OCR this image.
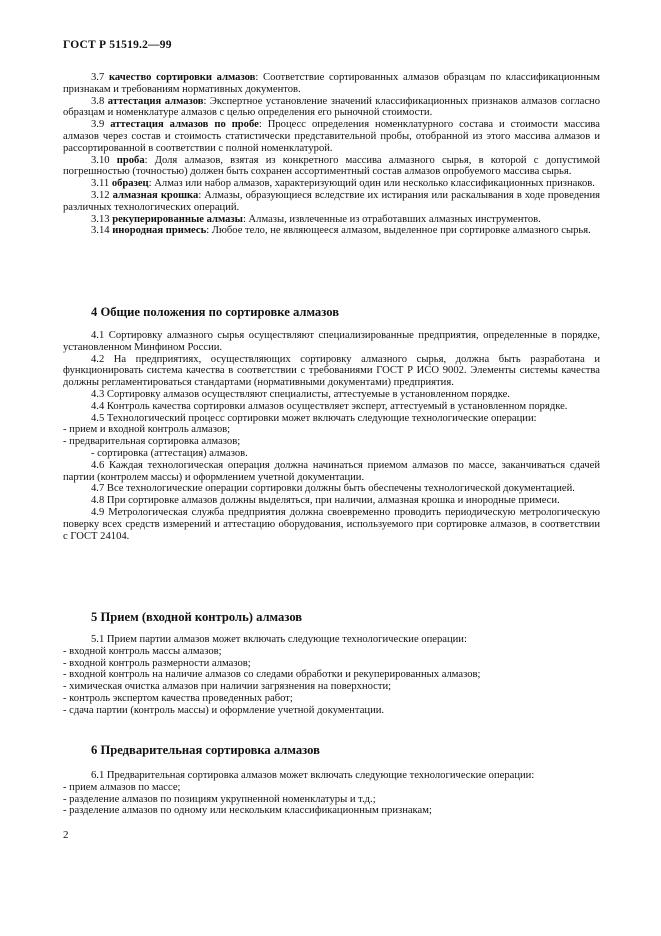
ГОСТ Р 51519.2—99

3.7 качество сортировки алмазов: Соответствие сортированных алмазов образцам по классификационным признакам и требованиям нормативных документов.

3.8 аттестация алмазов: Экспертное установление значений классификационных признаков алмазов согласно образцам и номенклатуре алмазов с целью определения его рыночной стоимости.

3.9 аттестация алмазов по пробе: Процесс определения номенклатурного состава и стоимости массива алмазов через состав и стоимость статистически представительной пробы, отобранной из этого массива алмазов и рассортированной в соответствии с полной номенклатурой.

3.10 проба: Доля алмазов, взятая из конкретного массива алмазного сырья, в которой с допустимой погрешностью (точностью) должен быть сохранен ассортиментный состав алмазов опробуемого массива сырья.

3.11 образец: Алмаз или набор алмазов, характеризующий один или несколько классификационных признаков.

3.12 алмазная крошка: Алмазы, образующиеся вследствие их истирания или раскалывания в ходе проведения различных технологических операций.

3.13 рекуперированные алмазы: Алмазы, извлеченные из отработавших алмазных инструментов.

3.14 инородная примесь: Любое тело, не являющееся алмазом, выделенное при сортировке алмазного сырья.

4 Общие положения по сортировке алмазов

4.1 Сортировку алмазного сырья осуществляют специализированные предприятия, определенные в порядке, установленном Минфином России.

4.2 На предприятиях, осуществляющих сортировку алмазного сырья, должна быть разработана и функционировать система качества в соответствии с требованиями ГОСТ Р ИСО 9002. Элементы системы качества должны регламентироваться стандартами (нормативными документами) предприятия.

4.3 Сортировку алмазов осуществляют специалисты, аттестуемые в установленном порядке.

4.4 Контроль качества сортировки алмазов осуществляет эксперт, аттестуемый в установленном порядке.

4.5 Технологический процесс сортировки может включать следующие технологические операции:

- прием и входной контроль алмазов;

- предварительная сортировка алмазов;

- сортировка (аттестация) алмазов.

4.6 Каждая технологическая операция должна начинаться приемом алмазов по массе, заканчиваться сдачей партии (контролем массы) и оформлением учетной документации.

4.7 Все технологические операции сортировки должны быть обеспечены технологической документацией.

4.8 При сортировке алмазов должны выделяться, при наличии, алмазная крошка и инородные примеси.

4.9 Метрологическая служба предприятия должна своевременно проводить периодическую метрологическую поверку всех средств измерений и аттестацию оборудования, используемого при сортировке алмазов, в соответствии с ГОСТ 24104.

5 Прием (входной контроль) алмазов

5.1 Прием партии алмазов может включать следующие технологические операции:

- входной контроль массы алмазов;

- входной контроль размерности алмазов;

- входной контроль на наличие алмазов со следами обработки и рекуперированных алмазов;

- химическая очистка алмазов при наличии загрязнения на поверхности;

- контроль экспертом качества проведенных работ;

- сдача партии (контроль массы) и оформление учетной документации.

6 Предварительная сортировка алмазов

6.1 Предварительная сортировка алмазов может включать следующие технологические операции:

- прием алмазов по массе;

- разделение алмазов по позициям укрупненной номенклатуры и т.д.;

- разделение алмазов по одному или нескольким классификационным признакам;

2
